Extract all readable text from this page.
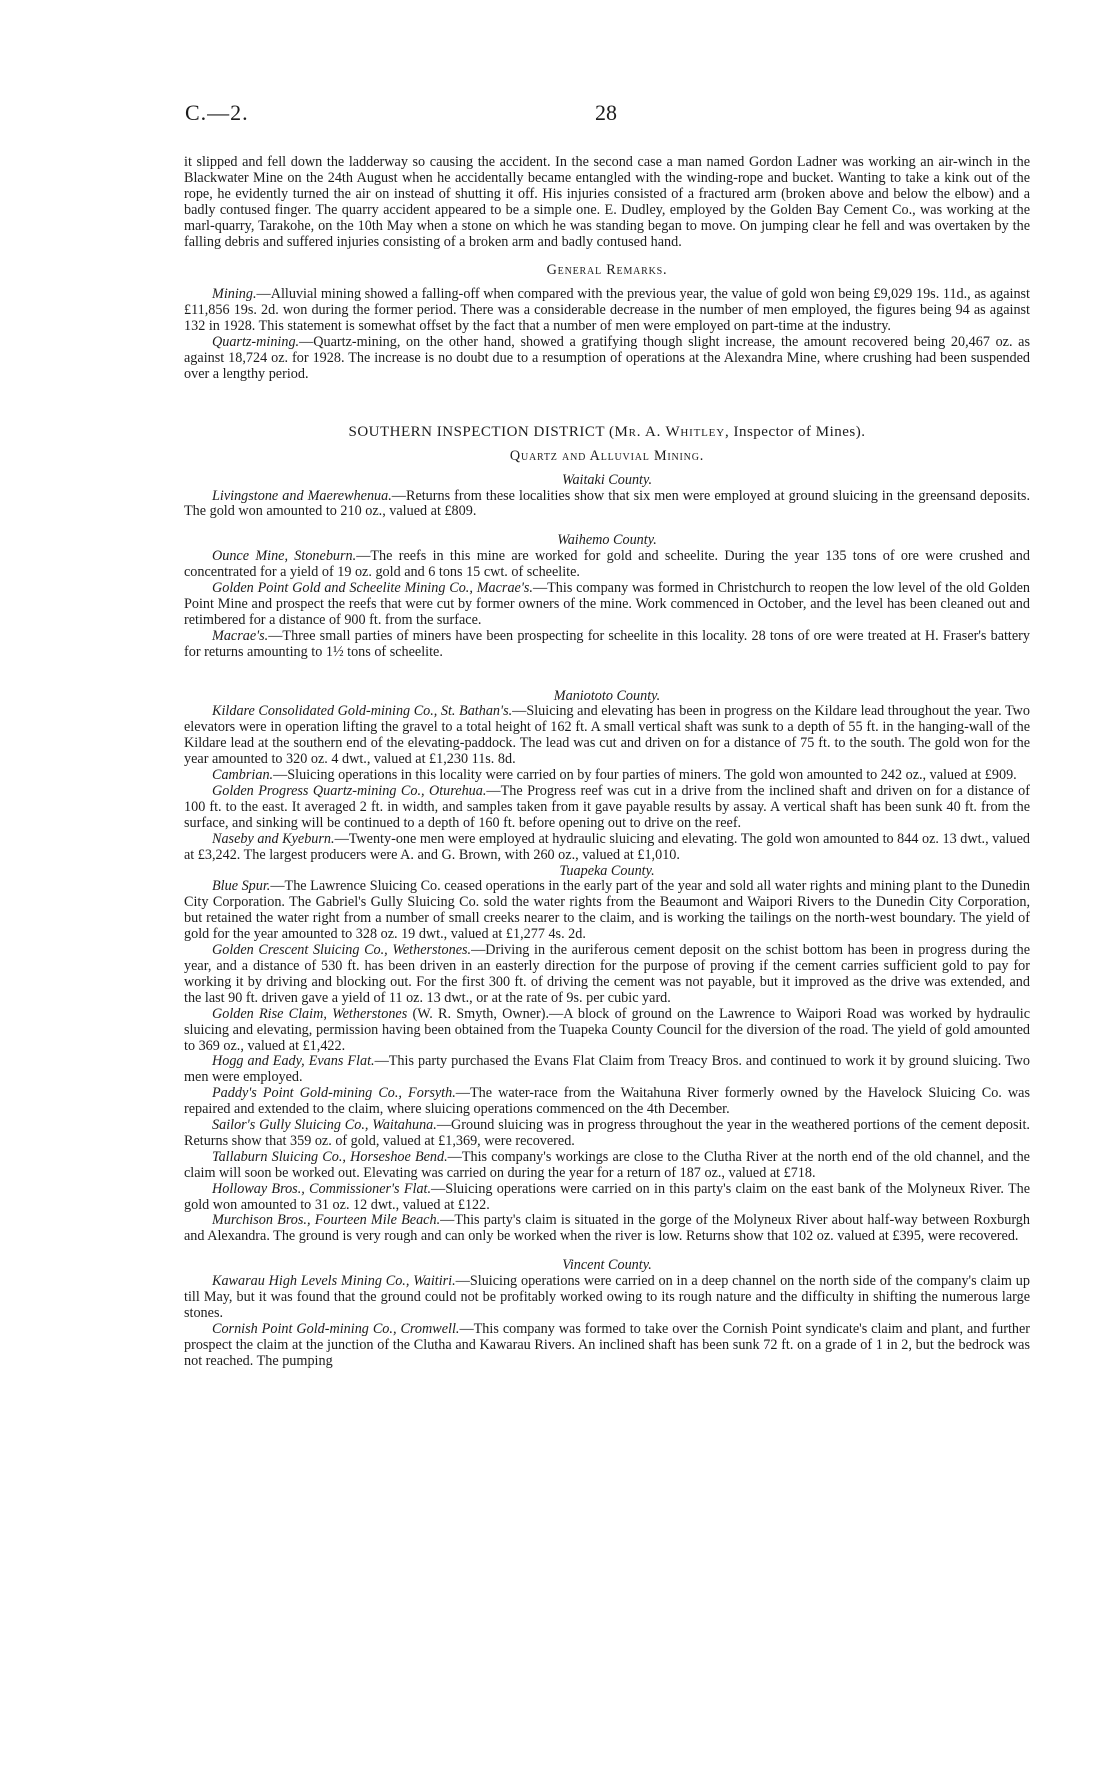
C.—2.	28

it slipped and fell down the ladderway so causing the accident. In the second case a man named Gordon Ladner was working an air-winch in the Blackwater Mine on the 24th August when he accidentally became entangled with the winding-rope and bucket. Wanting to take a kink out of the rope, he evidently turned the air on instead of shutting it off. His injuries consisted of a fractured arm (broken above and below the elbow) and a badly contused finger. The quarry accident appeared to be a simple one. E. Dudley, employed by the Golden Bay Cement Co., was working at the marl-quarry, Tarakohe, on the 10th May when a stone on which he was standing began to move. On jumping clear he fell and was overtaken by the falling debris and suffered injuries consisting of a broken arm and badly contused hand.

General Remarks.

Mining.—Alluvial mining showed a falling-off when compared with the previous year, the value of gold won being £9,029 19s. 11d., as against £11,856 19s. 2d. won during the former period. There was a considerable decrease in the number of men employed, the figures being 94 as against 132 in 1928. This statement is somewhat offset by the fact that a number of men were employed on part-time at the industry.

Quartz-mining.—Quartz-mining, on the other hand, showed a gratifying though slight increase, the amount recovered being 20,467 oz. as against 18,724 oz. for 1928. The increase is no doubt due to a resumption of operations at the Alexandra Mine, where crushing had been suspended over a lengthy period.

SOUTHERN INSPECTION DISTRICT (Mr. A. Whitley, Inspector of Mines).

Quartz and Alluvial Mining.

Waitaki County.

Livingstone and Maerewhenua.—Returns from these localities show that six men were employed at ground sluicing in the greensand deposits. The gold won amounted to 210 oz., valued at £809.

Waihemo County.

Ounce Mine, Stoneburn.—The reefs in this mine are worked for gold and scheelite. During the year 135 tons of ore were crushed and concentrated for a yield of 19 oz. gold and 6 tons 15 cwt. of scheelite.

Golden Point Gold and Scheelite Mining Co., Macrae's.—This company was formed in Christchurch to reopen the low level of the old Golden Point Mine and prospect the reefs that were cut by former owners of the mine. Work commenced in October, and the level has been cleaned out and retimbered for a distance of 900 ft. from the surface.

Macrae's.—Three small parties of miners have been prospecting for scheelite in this locality. 28 tons of ore were treated at H. Fraser's battery for returns amounting to 1½ tons of scheelite.

Maniototo County.

Kildare Consolidated Gold-mining Co., St. Bathan's.—Sluicing and elevating has been in progress on the Kildare lead throughout the year. Two elevators were in operation lifting the gravel to a total height of 162 ft. A small vertical shaft was sunk to a depth of 55 ft. in the hanging-wall of the Kildare lead at the southern end of the elevating-paddock. The lead was cut and driven on for a distance of 75 ft. to the south. The gold won for the year amounted to 320 oz. 4 dwt., valued at £1,230 11s. 8d.

Cambrian.—Sluicing operations in this locality were carried on by four parties of miners. The gold won amounted to 242 oz., valued at £909.

Golden Progress Quartz-mining Co., Oturehua.—The Progress reef was cut in a drive from the inclined shaft and driven on for a distance of 100 ft. to the east. It averaged 2 ft. in width, and samples taken from it gave payable results by assay. A vertical shaft has been sunk 40 ft. from the surface, and sinking will be continued to a depth of 160 ft. before opening out to drive on the reef.

Naseby and Kyeburn.—Twenty-one men were employed at hydraulic sluicing and elevating. The gold won amounted to 844 oz. 13 dwt., valued at £3,242. The largest producers were A. and G. Brown, with 260 oz., valued at £1,010.

Tuapeka County.

Blue Spur.—The Lawrence Sluicing Co. ceased operations in the early part of the year and sold all water rights and mining plant to the Dunedin City Corporation. The Gabriel's Gully Sluicing Co. sold the water rights from the Beaumont and Waipori Rivers to the Dunedin City Corporation, but retained the water right from a number of small creeks nearer to the claim, and is working the tailings on the north-west boundary. The yield of gold for the year amounted to 328 oz. 19 dwt., valued at £1,277 4s. 2d.

Golden Crescent Sluicing Co., Wetherstones.—Driving in the auriferous cement deposit on the schist bottom has been in progress during the year, and a distance of 530 ft. has been driven in an easterly direction for the purpose of proving if the cement carries sufficient gold to pay for working it by driving and blocking out. For the first 300 ft. of driving the cement was not payable, but it improved as the drive was extended, and the last 90 ft. driven gave a yield of 11 oz. 13 dwt., or at the rate of 9s. per cubic yard.

Golden Rise Claim, Wetherstones (W. R. Smyth, Owner).—A block of ground on the Lawrence to Waipori Road was worked by hydraulic sluicing and elevating, permission having been obtained from the Tuapeka County Council for the diversion of the road. The yield of gold amounted to 369 oz., valued at £1,422.

Hogg and Eady, Evans Flat.—This party purchased the Evans Flat Claim from Treacy Bros. and continued to work it by ground sluicing. Two men were employed.

Paddy's Point Gold-mining Co., Forsyth.—The water-race from the Waitahuna River formerly owned by the Havelock Sluicing Co. was repaired and extended to the claim, where sluicing operations commenced on the 4th December.

Sailor's Gully Sluicing Co., Waitahuna.—Ground sluicing was in progress throughout the year in the weathered portions of the cement deposit. Returns show that 359 oz. of gold, valued at £1,369, were recovered.

Tallaburn Sluicing Co., Horseshoe Bend.—This company's workings are close to the Clutha River at the north end of the old channel, and the claim will soon be worked out. Elevating was carried on during the year for a return of 187 oz., valued at £718.

Holloway Bros., Commissioner's Flat.—Sluicing operations were carried on in this party's claim on the east bank of the Molyneux River. The gold won amounted to 31 oz. 12 dwt., valued at £122.

Murchison Bros., Fourteen Mile Beach.—This party's claim is situated in the gorge of the Molyneux River about half-way between Roxburgh and Alexandra. The ground is very rough and can only be worked when the river is low. Returns show that 102 oz. valued at £395, were recovered.

Vincent County.

Kawarau High Levels Mining Co., Waitiri.—Sluicing operations were carried on in a deep channel on the north side of the company's claim up till May, but it was found that the ground could not be profitably worked owing to its rough nature and the difficulty in shifting the numerous large stones.

Cornish Point Gold-mining Co., Cromwell.—This company was formed to take over the Cornish Point syndicate's claim and plant, and further prospect the claim at the junction of the Clutha and Kawarau Rivers. An inclined shaft has been sunk 72 ft. on a grade of 1 in 2, but the bedrock was not reached. The pumping
